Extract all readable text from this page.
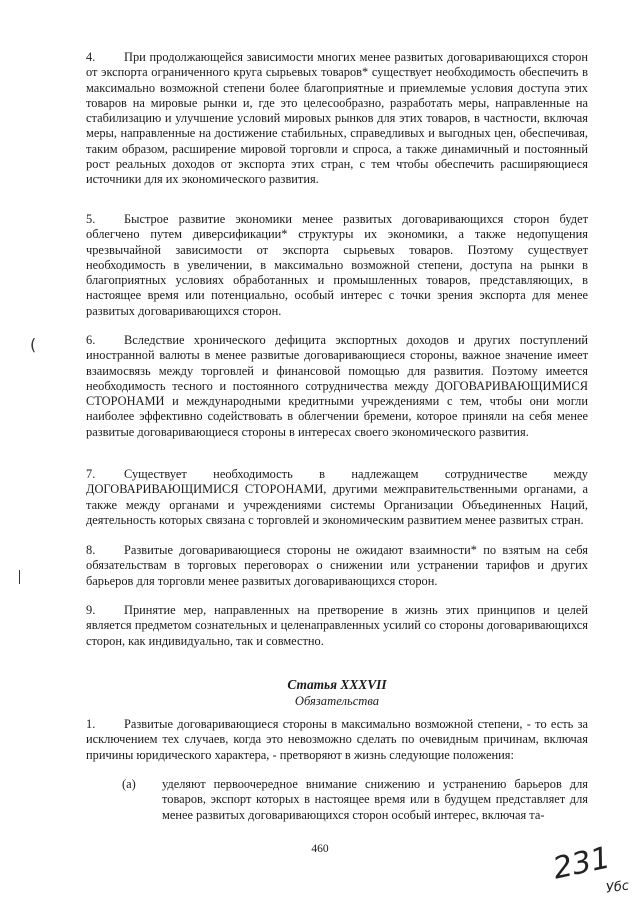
4. При продолжающейся зависимости многих менее развитых договаривающихся сторон от экспорта ограниченного круга сырьевых товаров* существует необходимость обеспечить в максимально возможной степени более благоприятные и приемлемые условия доступа этих товаров на мировые рынки и, где это целесообразно, разработать меры, направленные на стабилизацию и улучшение условий мировых рынков для этих товаров, в частности, включая меры, направленные на достижение стабильных, справедливых и выгодных цен, обеспечивая, таким образом, расширение мировой торговли и спроса, а также динамичный и постоянный рост реальных доходов от экспорта этих стран, с тем чтобы обеспечить расширяющиеся источники для их экономического развития.

5. Быстрое развитие экономики менее развитых договаривающихся сторон будет облегчено путем диверсификации* структуры их экономики, а также недопущения чрезвычайной зависимости от экспорта сырьевых товаров. Поэтому существует необходимость в увеличении, в максимально возможной степени, доступа на рынки в благоприятных условиях обработанных и промышленных товаров, представляющих, в настоящее время или потенциально, особый интерес с точки зрения экспорта для менее развитых договаривающихся сторон.

6. Вследствие хронического дефицита экспортных доходов и других поступлений иностранной валюты в менее развитые договаривающиеся стороны, важное значение имеет взаимосвязь между торговлей и финансовой помощью для развития. Поэтому имеется необходимость тесного и постоянного сотрудничества между ДОГОВАРИВАЮЩИМИСЯ СТОРОНАМИ и международными кредитными учреждениями с тем, чтобы они могли наиболее эффективно содействовать в облегчении бремени, которое приняли на себя менее развитые договаривающиеся стороны в интересах своего экономического развития.

7. Существует необходимость в надлежащем сотрудничестве между ДОГОВАРИВАЮЩИМИСЯ СТОРОНАМИ, другими межправительственными органами, а также между органами и учреждениями системы Организации Объединенных Наций, деятельность которых связана с торговлей и экономическим развитием менее развитых стран.

8. Развитые договаривающиеся стороны не ожидают взаимности* по взятым на себя обязательствам в торговых переговорах о снижении или устранении тарифов и других барьеров для торговли менее развитых договаривающихся сторон.

9. Принятие мер, направленных на претворение в жизнь этих принципов и целей является предметом сознательных и целенаправленных усилий со стороны договаривающихся сторон, как индивидуально, так и совместно.

Статья XXXVII
Обязательства

1. Развитые договаривающиеся стороны в максимально возможной степени, - то есть за исключением тех случаев, когда это невозможно сделать по очевидным причинам, включая причины юридического характера, - претворяют в жизнь следующие положения:

(a) уделяют первоочередное внимание снижению и устранению барьеров для товаров, экспорт которых в настоящее время или в будущем представляет для менее развитых договаривающихся сторон особый интерес, включая та-
460	231
Убс
(
